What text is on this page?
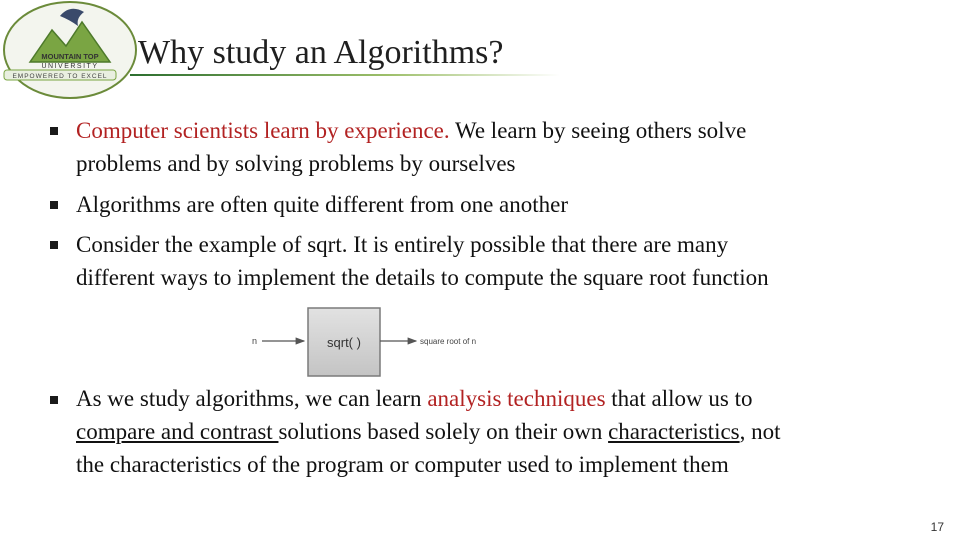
MOUNTAIN TOP
UNIVERSITY
EMPOWERED TO EXCEL
Why study an Algorithms?
Computer scientists learn by experience. We learn by seeing others solve
problems and by solving problems by ourselves
Algorithms are often quite different from one another
Consider the example of sqrt. It is entirely possible that there are many
different ways to implement the details to compute the square root function
n	sqrt( )	square root of n
As we study algorithms, we can learn analysis techniques that allow us to
compare and contrast solutions based solely on their own characteristics, not
the characteristics of the program or computer used to implement them
17
